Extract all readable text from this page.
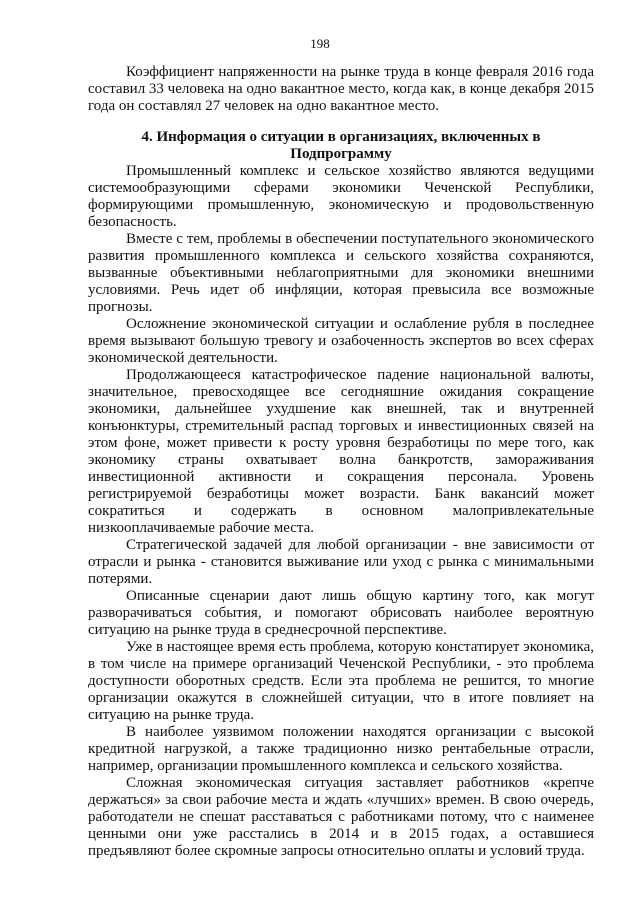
198

Коэффициент напряженности на рынке труда в конце февраля 2016 года составил 33 человека на одно вакантное место, когда как, в конце декабря 2015 года он составлял 27 человек на одно вакантное место.

4. Информация о ситуации в организациях, включенных в Подпрограмму

Промышленный комплекс и сельское хозяйство являются ведущими системообразующими сферами экономики Чеченской Республики, формирующими промышленную, экономическую и продовольственную безопасность.

Вместе с тем, проблемы в обеспечении поступательного экономического развития промышленного комплекса и сельского хозяйства сохраняются, вызванные объективными неблагоприятными для экономики внешними условиями. Речь идет об инфляции, которая превысила все возможные прогнозы.

Осложнение экономической ситуации и ослабление рубля в последнее время вызывают большую тревогу и озабоченность экспертов во всех сферах экономической деятельности.

Продолжающееся катастрофическое падение национальной валюты, значительное, превосходящее все сегодняшние ожидания сокращение экономики, дальнейшее ухудшение как внешней, так и внутренней конъюнктуры, стремительный распад торговых и инвестиционных связей на этом фоне, может привести к росту уровня безработицы по мере того, как экономику страны охватывает волна банкротств, замораживания инвестиционной активности и сокращения персонала. Уровень регистрируемой безработицы может возрасти. Банк вакансий может сократиться и содержать в основном малопривлекательные низкооплачиваемые рабочие места.

Стратегической задачей для любой организации - вне зависимости от отрасли и рынка - становится выживание или уход с рынка с минимальными потерями.

Описанные сценарии дают лишь общую картину того, как могут разворачиваться события, и помогают обрисовать наиболее вероятную ситуацию на рынке труда в среднесрочной перспективе.

Уже в настоящее время есть проблема, которую констатирует экономика, в том числе на примере организаций Чеченской Республики, - это проблема доступности оборотных средств. Если эта проблема не решится, то многие организации окажутся в сложнейшей ситуации, что в итоге повлияет на ситуацию на рынке труда.

В наиболее уязвимом положении находятся организации с высокой кредитной нагрузкой, а также традиционно низко рентабельные отрасли, например, организации промышленного комплекса и сельского хозяйства.

Сложная экономическая ситуация заставляет работников «крепче держаться» за свои рабочие места и ждать «лучших» времен. В свою очередь, работодатели не спешат расставаться с работниками потому, что с наименее ценными они уже расстались в 2014 и в 2015 годах, а оставшиеся предъявляют более скромные запросы относительно оплаты и условий труда.
